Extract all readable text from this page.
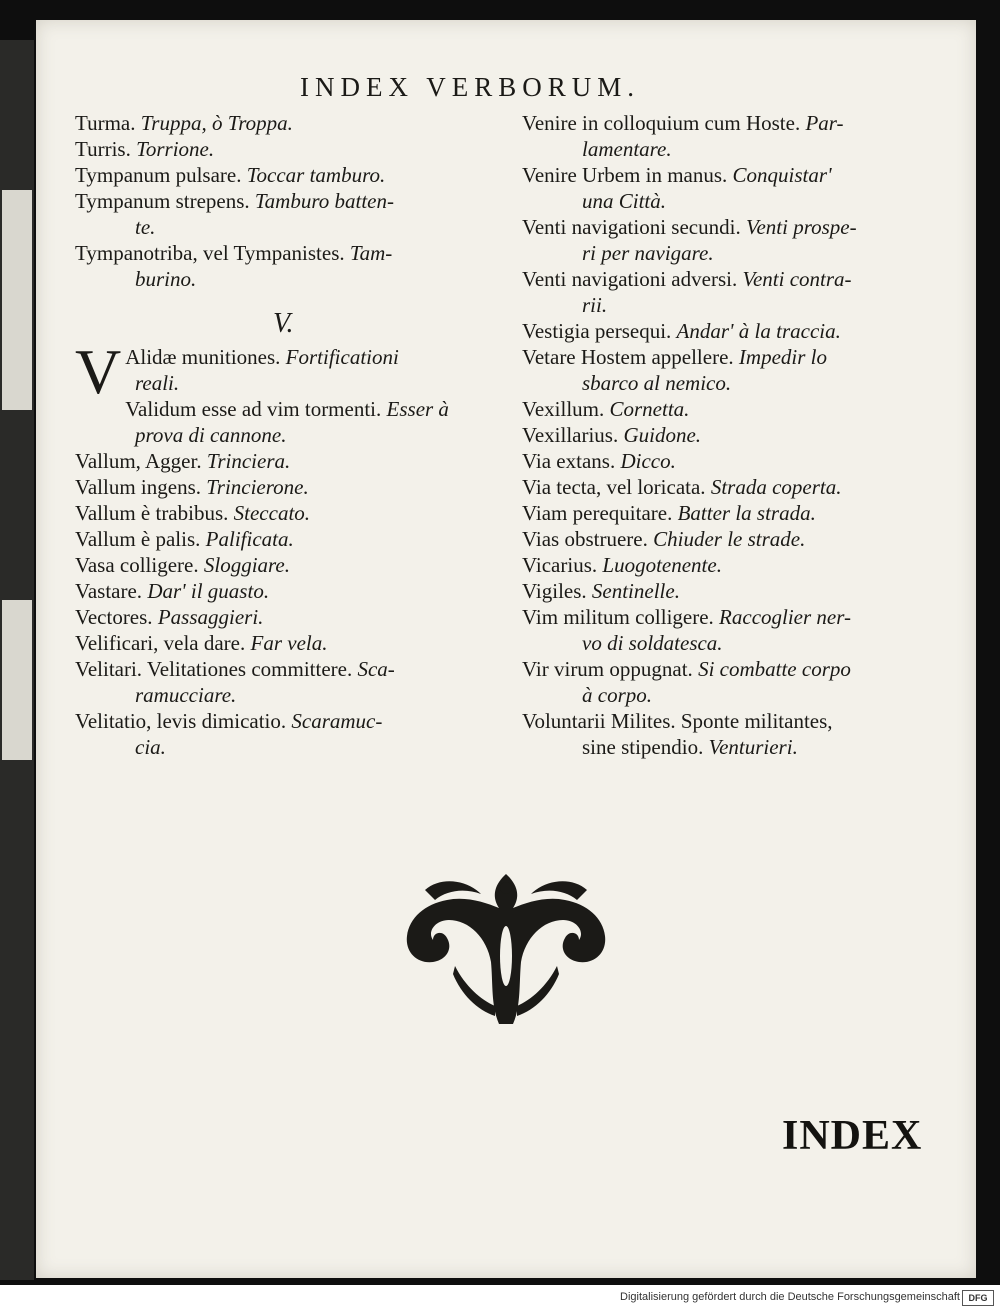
INDEX VERBORUM.

Turma. Truppa, ò Troppa.

Turris. Torrione.

Tympanum pulsare. Toccar tamburo.

Tympanum strepens. Tamburo batten-
te.

Tympanotriba, vel Tympanistes. Tam-
burino.

V.

V Alidæ munitiones. Fortificationi
reali.

Validum esse ad vim tormenti. Esser à
prova di cannone.

Vallum, Agger. Trinciera.

Vallum ingens. Trincierone.

Vallum è trabibus. Steccato.

Vallum è palis. Palificata.

Vasa colligere. Sloggiare.

Vastare. Dar' il guasto.

Vectores. Passaggieri.

Velificari, vela dare. Far vela.

Velitari. Velitationes committere. Sca-
ramucciare.

Velitatio, levis dimicatio. Scaramuc-
cia.

Venire in colloquium cum Hoste. Par-
lamentare.

Venire Urbem in manus. Conquistar'
una Città.

Venti navigationi secundi. Venti prospe-
ri per navigare.

Venti navigationi adversi. Venti contra-
rii.

Vestigia persequi. Andar' à la traccia.

Vetare Hostem appellere. Impedir lo
sbarco al nemico.

Vexillum. Cornetta.

Vexillarius. Guidone.

Via extans. Dicco.

Via tecta, vel loricata. Strada coperta.

Viam perequitare. Batter la strada.

Vias obstruere. Chiuder le strade.

Vicarius. Luogotenente.

Vigiles. Sentinelle.

Vim militum colligere. Raccoglier ner-
vo di soldatesca.

Vir virum oppugnat. Si combatte corpo
à corpo.

Voluntarii Milites. Sponte militantes,
sine stipendio. Venturieri.

INDEX
Digitalisierung gefördert durch die Deutsche Forschungsgemeinschaft DFG
